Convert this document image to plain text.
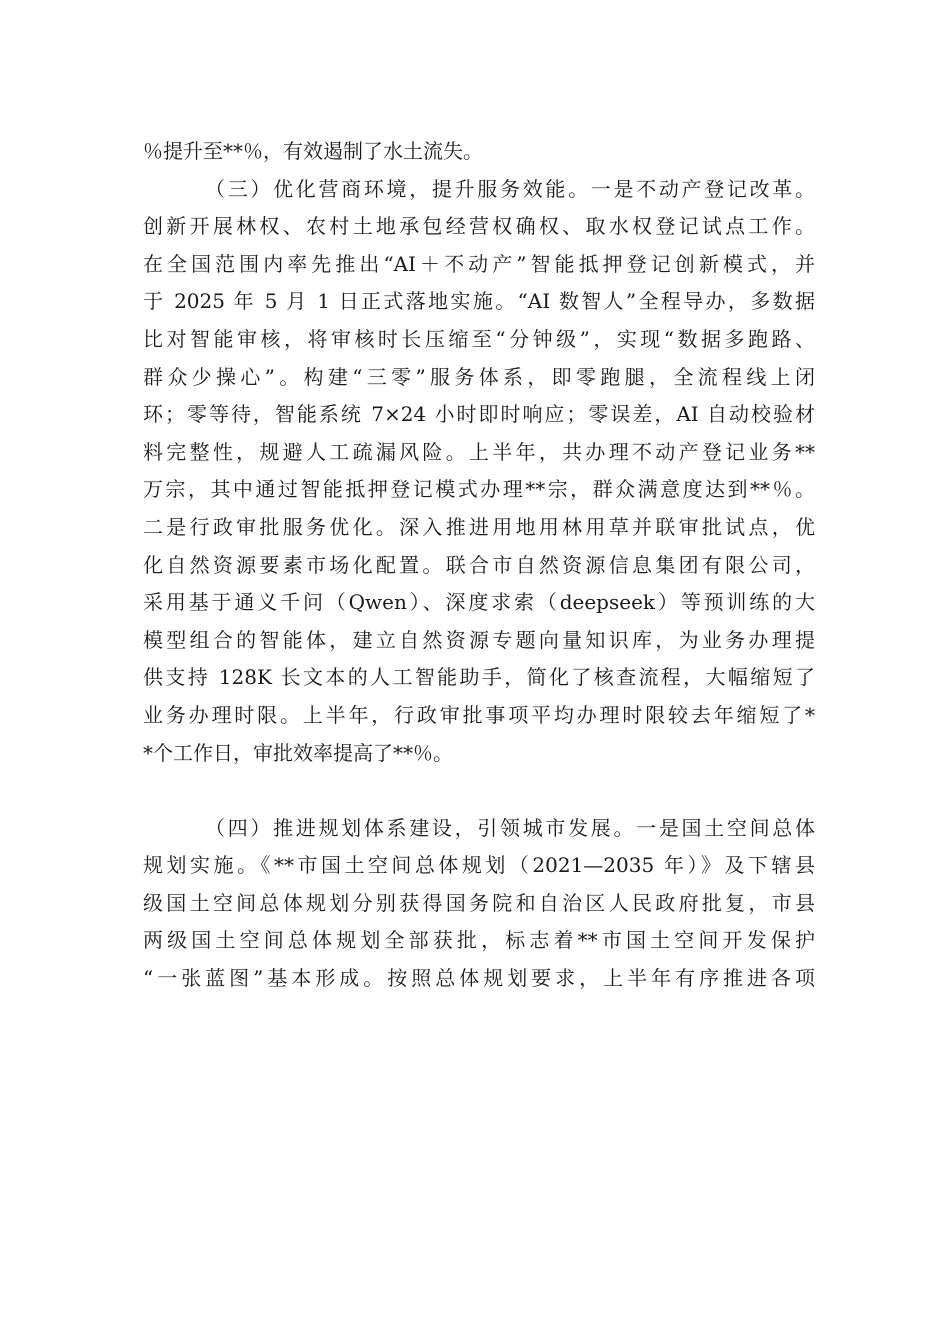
％提升至**％，有效遏制了水土流失。
（三）优化营商环境，提升服务效能。一是不动产登记改革。
创新开展林权、农村土地承包经营权确权、取水权登记试点工作。
在全国范围内率先推出“AI＋不动产”智能抵押登记创新模式，并
于 2025 年 5 月 1 日正式落地实施。“AI 数智人”全程导办，多数据
比对智能审核，将审核时长压缩至“分钟级”，实现“数据多跑路、
群众少操心”。构建“三零”服务体系，即零跑腿，全流程线上闭
环；零等待，智能系统 7×24 小时即时响应；零误差，AI 自动校验材
料完整性，规避人工疏漏风险。上半年，共办理不动产登记业务**
万宗，其中通过智能抵押登记模式办理**宗，群众满意度达到**％。
二是行政审批服务优化。深入推进用地用林用草并联审批试点，优
化自然资源要素市场化配置。联合市自然资源信息集团有限公司，
采用基于通义千问（Qwen）、深度求索（deepseek）等预训练的大
模型组合的智能体，建立自然资源专题向量知识库，为业务办理提
供支持 128K 长文本的人工智能助手，简化了核查流程，大幅缩短了
业务办理时限。上半年，行政审批事项平均办理时限较去年缩短了*
*个工作日，审批效率提高了**％。
（四）推进规划体系建设，引领城市发展。一是国土空间总体
规划实施。《**市国土空间总体规划（2021—2035 年）》及下辖县
级国土空间总体规划分别获得国务院和自治区人民政府批复，市县
两级国土空间总体规划全部获批，标志着**市国土空间开发保护
“一张蓝图”基本形成。按照总体规划要求，上半年有序推进各项
